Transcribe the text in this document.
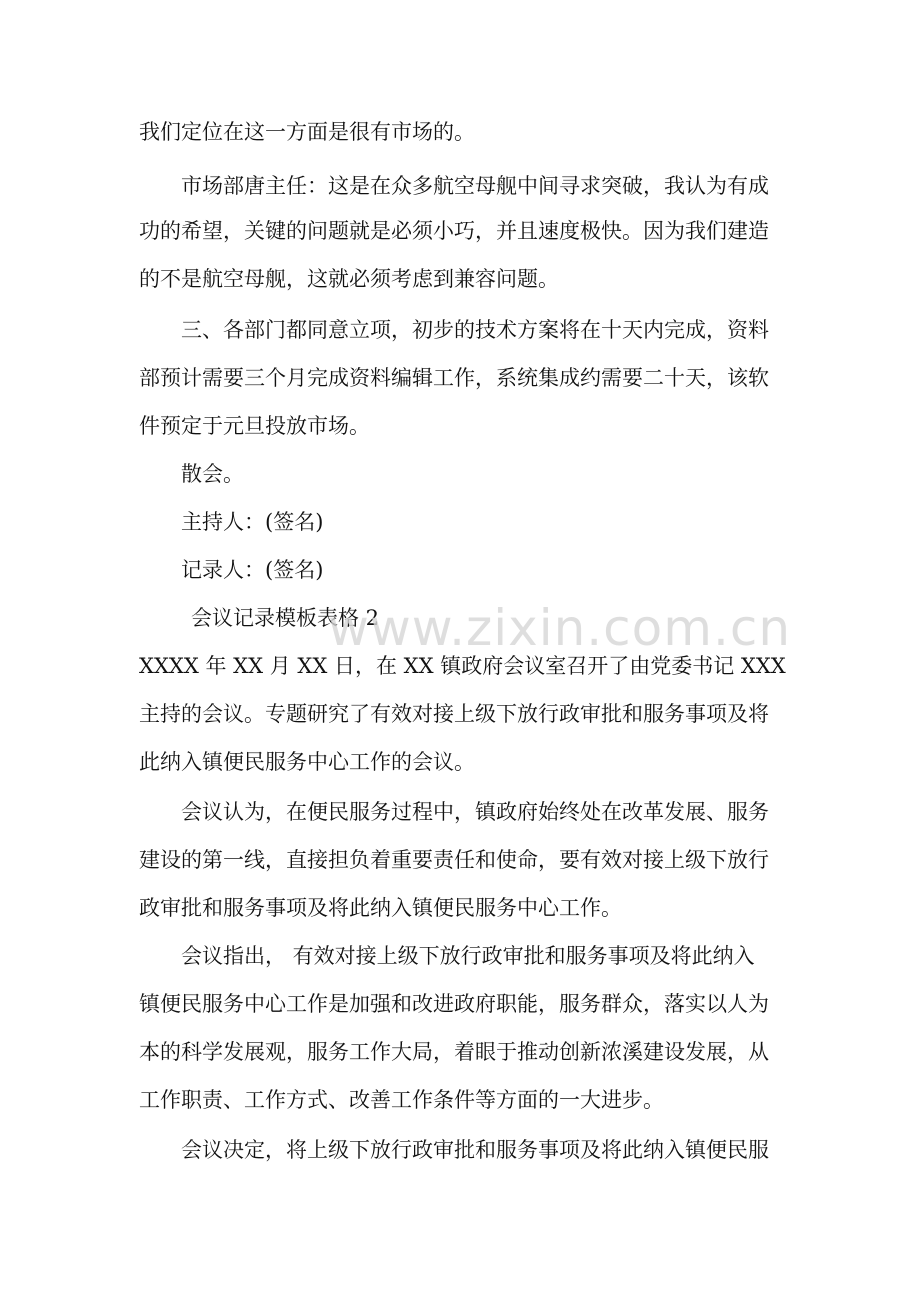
我们定位在这一方面是很有市场的。
市场部唐主任：这是在众多航空母舰中间寻求突破，我认为有成
功的希望，关键的问题就是必须小巧，并且速度极快。因为我们建造
的不是航空母舰，这就必须考虑到兼容问题。
三、各部门都同意立项，初步的技术方案将在十天内完成，资料
部预计需要三个月完成资料编辑工作，系统集成约需要二十天，该软
件预定于元旦投放市场。
散会。
主持人：(签名)
记录人：(签名)
会议记录模板表格 2
XXXX 年 XX 月 XX 日，在 XX 镇政府会议室召开了由党委书记 XXX
主持的会议。专题研究了有效对接上级下放行政审批和服务事项及将
此纳入镇便民服务中心工作的会议。
会议认为，在便民服务过程中，镇政府始终处在改革发展、服务
建设的第一线，直接担负着重要责任和使命，要有效对接上级下放行
政审批和服务事项及将此纳入镇便民服务中心工作。
会议指出， 有效对接上级下放行政审批和服务事项及将此纳入
镇便民服务中心工作是加强和改进政府职能，服务群众，落实以人为
本的科学发展观，服务工作大局，着眼于推动创新浓溪建设发展，从
工作职责、工作方式、改善工作条件等方面的一大进步。
会议决定，将上级下放行政审批和服务事项及将此纳入镇便民服
www.zixin.com.cn
